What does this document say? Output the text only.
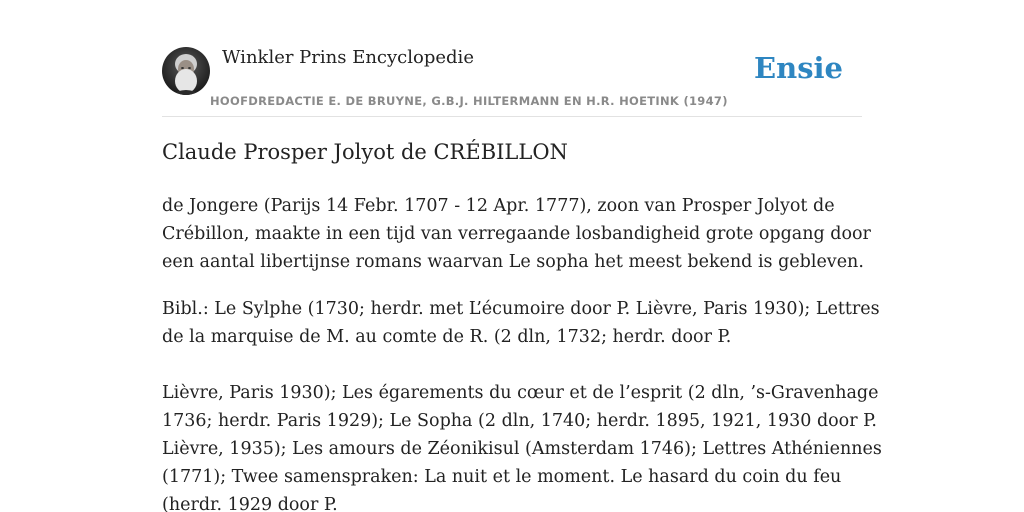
Winkler Prins Encyclopedie
HOOFDREDACTIE E. DE BRUYNE, G.B.J. HILTERMANN EN H.R. HOETINK (1947)
Ensie
Claude Prosper Jolyot de CRÉBILLON

de Jongere (Parijs 14 Febr. 1707 - 12 Apr. 1777), zoon van Prosper Jolyot de
Crébillon, maakte in een tijd van verregaande losbandigheid grote opgang door
een aantal libertijnse romans waarvan Le sopha het meest bekend is gebleven.

Bibl.: Le Sylphe (1730; herdr. met L’écumoire door P. Lièvre, Paris 1930); Lettres
de la marquise de M. au comte de R. (2 dln, 1732; herdr. door P.
Lièvre, Paris 1930); Les égarements du cœur et de l’esprit (2 dln, ’s-Gravenhage
1736; herdr. Paris 1929); Le Sopha (2 dln, 1740; herdr. 1895, 1921, 1930 door P.
Lièvre, 1935); Les amours de Zéonikisul (Amsterdam 1746); Lettres Athéniennes
(1771); Twee samenspraken: La nuit et le moment. Le hasard du coin du feu
(herdr. 1929 door P.
